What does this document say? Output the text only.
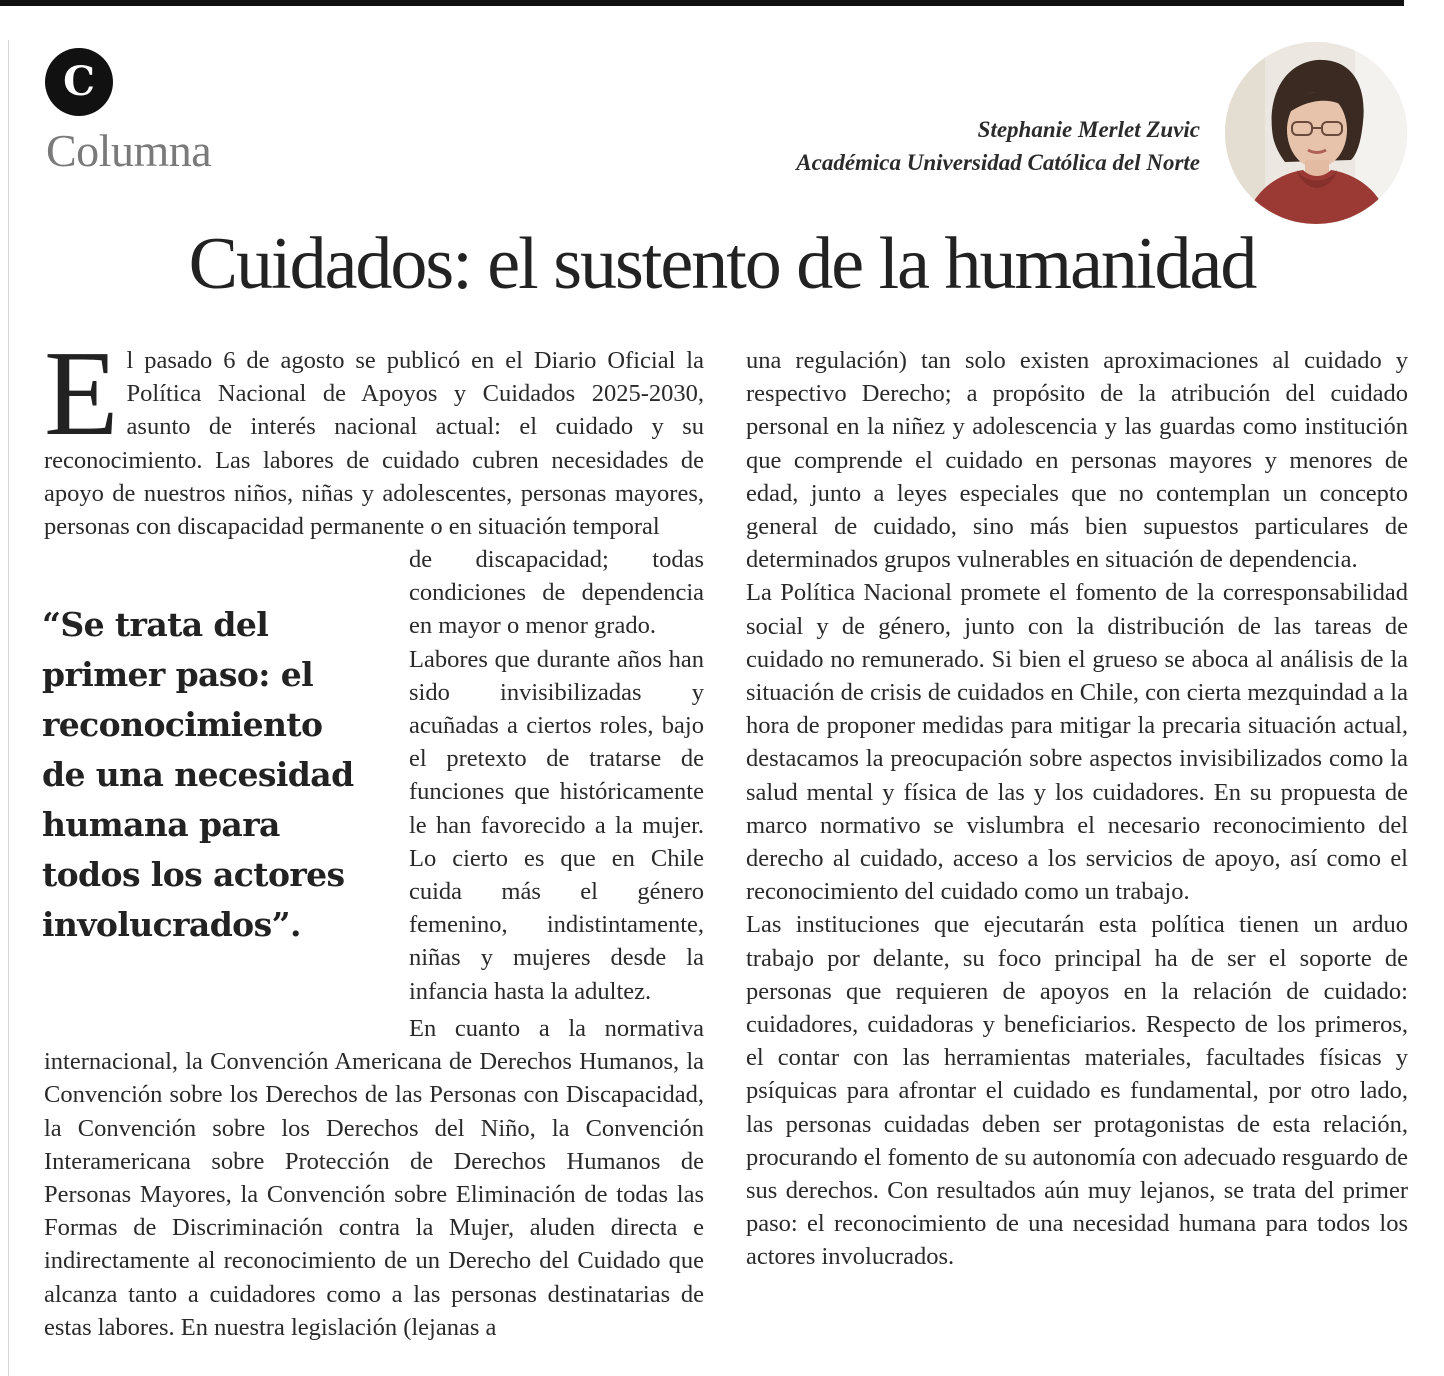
C
Columna	Stephanie Merlet Zuvic
Académica Universidad Católica del Norte
Cuidados: el sustento de la humanidad

El pasado 6 de agosto se publicó en el Diario Oficial la Política Nacional de Apoyos y Cuidados 2025-2030, asunto de interés nacional actual: el cuidado y su reconocimiento. Las labores de cuidado cubren necesidades de apoyo de nuestros niños, niñas y adolescentes, personas mayores, personas con discapacidad permanente o en situación temporal

“Se trata del primer paso: el reconocimiento de una necesidad humana para todos los actores involucrados”.

de discapacidad; todas condiciones de dependencia en mayor o menor grado.

Labores que durante años han sido invisibilizadas y acuñadas a ciertos roles, bajo el pretexto de tratarse de funciones que históricamente le han favorecido a la mujer. Lo cierto es que en Chile cuida más el género femenino, indistintamente, niñas y mujeres desde la infancia hasta la adultez.

En cuanto a la normativa internacional, la Convención Americana de Derechos Humanos, la Convención sobre los Derechos de las Personas con Discapacidad, la Convención sobre los Derechos del Niño, la Convención Interamericana sobre Protección de Derechos Humanos de Personas Mayores, la Convención sobre Eliminación de todas las Formas de Discriminación contra la Mujer, aluden directa e indirectamente al reconocimiento de un Derecho del Cuidado que alcanza tanto a cuidadores como a las personas destinatarias de estas labores. En nuestra legislación (lejanas a

una regulación) tan solo existen aproximaciones al cuidado y respectivo Derecho; a propósito de la atribución del cuidado personal en la niñez y adolescencia y las guardas como institución que comprende el cuidado en personas mayores y menores de edad, junto a leyes especiales que no contemplan un concepto general de cuidado, sino más bien supuestos particulares de determinados grupos vulnerables en situación de dependencia.

La Política Nacional promete el fomento de la corresponsabilidad social y de género, junto con la distribución de las tareas de cuidado no remunerado. Si bien el grueso se aboca al análisis de la situación de crisis de cuidados en Chile, con cierta mezquindad a la hora de proponer medidas para mitigar la precaria situación actual, destacamos la preocupación sobre aspectos invisibilizados como la salud mental y física de las y los cuidadores. En su propuesta de marco normativo se vislumbra el necesario reconocimiento del derecho al cuidado, acceso a los servicios de apoyo, así como el reconocimiento del cuidado como un trabajo.

Las instituciones que ejecutarán esta política tienen un arduo trabajo por delante, su foco principal ha de ser el soporte de personas que requieren de apoyos en la relación de cuidado: cuidadores, cuidadoras y beneficiarios. Respecto de los primeros, el contar con las herramientas materiales, facultades físicas y psíquicas para afrontar el cuidado es fundamental, por otro lado, las personas cuidadas deben ser protagonistas de esta relación, procurando el fomento de su autonomía con adecuado resguardo de sus derechos. Con resultados aún muy lejanos, se trata del primer paso: el reconocimiento de una necesidad humana para todos los actores involucrados.
